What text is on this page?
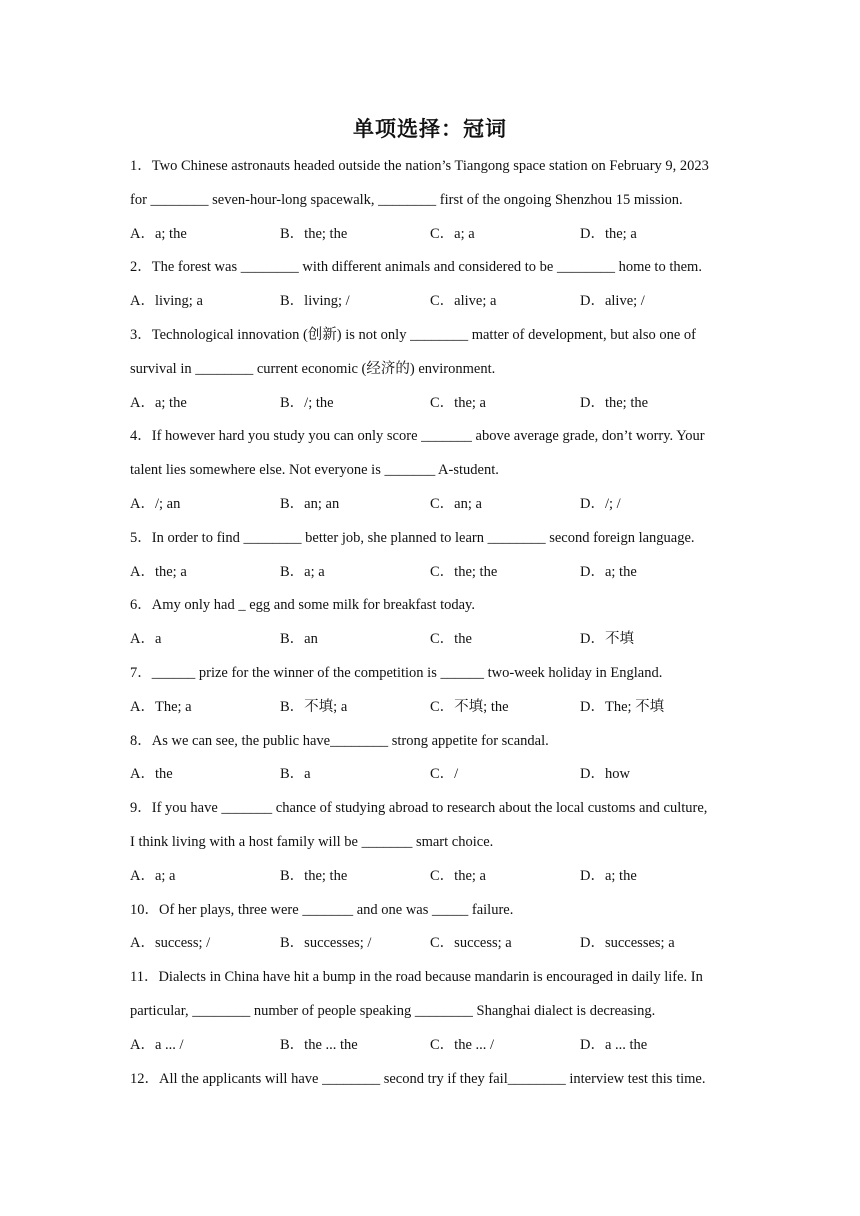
单项选择：冠词
1．Two Chinese astronauts headed outside the nation’s Tiangong space station on February 9, 2023
for ________ seven-hour-long spacewalk, ________ first of the ongoing Shenzhou 15 mission.
A．a; the	B．the; the	C．a; a	D．the; a
2．The forest was ________ with different animals and considered to be ________ home to them.
A．living; a	B．living; /	C．alive; a	D．alive; /
3．Technological innovation (创新) is not only ________ matter of development, but also one of
survival in ________ current economic (经济的) environment.
A．a; the	B．/; the	C．the; a	D．the; the
4．If however hard you study you can only score _______ above average grade, don’t worry. Your
talent lies somewhere else. Not everyone is _______ A-student.
A．/; an	B．an; an	C．an; a	D．/; /
5．In order to find ________ better job, she planned to learn ________ second foreign language.
A．the; a	B．a; a	C．the; the	D．a; the
6．Amy only had _ egg and some milk for breakfast today.
A．a	B．an	C．the	D．不填
7．______ prize for the winner of the competition is ______ two-week holiday in England.
A．The; a	B．不填; a	C．不填; the	D．The; 不填
8．As we can see, the public have________ strong appetite for scandal.
A．the	B．a	C．/	D．how
9．If you have _______ chance of studying abroad to research about the local customs and culture,
I think living with a host family will be _______ smart choice.
A．a; a	B．the; the	C．the; a	D．a; the
10．Of her plays, three were _______ and one was _____ failure.
A．success; /	B．successes; /	C．success; a	D．successes; a
11．Dialects in China have hit a bump in the road because mandarin is encouraged in daily life. In
particular, ________ number of people speaking ________ Shanghai dialect is decreasing.
A．a ... /	B．the ... the	C．the ... /	D．a ... the
12．All the applicants will have ________ second try if they fail________ interview test this time.
